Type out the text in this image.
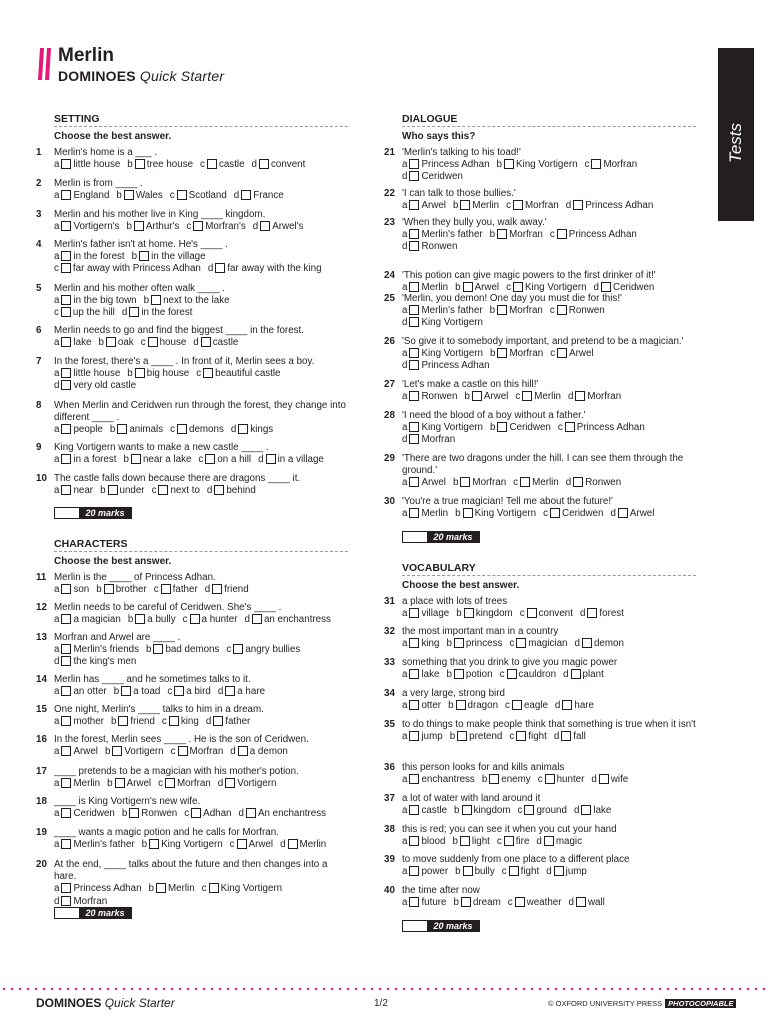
Merlin
DOMINOES Quick Starter
Tests
SETTING
Choose the best answer.
1	Merlin's home is a ___ .
a little house b tree house c castle d convent
2	Merlin is from ____ .
a England b Wales c Scotland d France
3	Merlin and his mother live in King ____ kingdom.
a Vortigern's b Arthur's c Morfran's d Arwel's
4	Merlin's father isn't at home. He's ____ .
a in the forest b in the village
c far away with Princess Adhan d far away with the king
5	Merlin and his mother often walk ____ .
a in the big town b next to the lake
c up the hill d in the forest
6	Merlin needs to go and find the biggest ____ in the forest.
a lake b oak c house d castle
7	In the forest, there's a ____ . In front of it, Merlin sees a boy.
a little house b big house c beautiful castle
d very old castle
8	When Merlin and Ceridwen run through the forest, they change into different ____ .
a people b animals c demons d kings
9	King Vortigern wants to make a new castle ____ .
a in a forest b near a lake c on a hill d in a village
10 The castle falls down because there are dragons ____ it.
a near b under c next to d behind
20 marks
CHARACTERS
Choose the best answer.
11 Merlin is the ____ of Princess Adhan.
a son b brother c father d friend
12 Merlin needs to be careful of Ceridwen. She's ____ .
a a magician b a bully c a hunter d an enchantress
13 Morfran and Arwel are ____ .
a Merlin's friends b bad demons c angry bullies
d the king's men
14 Merlin has ____ and he sometimes talks to it.
a an otter b a toad c a bird d a hare
15 One night, Merlin's ____ talks to him in a dream.
a mother b friend c king d father
16 In the forest, Merlin sees ____ . He is the son of Ceridwen.
a Arwel b Vortigern c Morfran d a demon
17 ____ pretends to be a magician with his mother's potion.
a Merlin b Arwel c Morfran d Vortigern
18 ____ is King Vortigern's new wife.
a Ceridwen b Ronwen c Adhan d An enchantress
19 ____ wants a magic potion and he calls for Morfran.
a Merlin's father b King Vortigern c Arwel d Merlin
20 At the end, ____ talks about the future and then changes into a hare.
a Princess Adhan b Merlin c King Vortigern
d Morfran
20 marks
DIALOGUE
Who says this?
21 'Merlin's talking to his toad!'
a Princess Adhan b King Vortigern c Morfran
d Ceridwen
22 'I can talk to those bullies.'
a Arwel b Merlin c Morfran d Princess Adhan
23 'When they bully you, walk away.'
a Merlin's father b Morfran c Princess Adhan
d Ronwen
24 'This potion can give magic powers to the first drinker of it!'
a Merlin b Arwel c King Vortigern d Ceridwen
25 'Merlin, you demon! One day you must die for this!'
a Merlin's father b Morfran c Ronwen
d King Vortigern
26 'So give it to somebody important, and pretend to be a magician.'
a King Vortigern b Morfran c Arwel
d Princess Adhan
27 'Let's make a castle on this hill!'
a Ronwen b Arwel c Merlin d Morfran
28 'I need the blood of a boy without a father.'
a King Vortigern b Ceridwen c Princess Adhan
d Morfran
29 'There are two dragons under the hill. I can see them through the ground.'
a Arwel b Morfran c Merlin d Ronwen
30 'You're a true magician! Tell me about the future!'
a Merlin b King Vortigern c Ceridwen d Arwel
20 marks
VOCABULARY
Choose the best answer.
31 a place with lots of trees
a village b kingdom c convent d forest
32 the most important man in a country
a king b princess c magician d demon
33 something that you drink to give you magic power
a lake b potion c cauldron d plant
34 a very large, strong bird
a otter b dragon c eagle d hare
35 to do things to make people think that something is true when it isn't
a jump b pretend c fight d fall
36 this person looks for and kills animals
a enchantress b enemy c hunter d wife
37 a lot of water with land around it
a castle b kingdom c ground d lake
38 this is red; you can see it when you cut your hand
a blood b light c fire d magic
39 to move suddenly from one place to a different place
a power b bully c fight d jump
40 the time after now
a future b dream c weather d wall
20 marks
DOMINOES Quick Starter	1/2	© OXFORD UNIVERSITY PRESS PHOTOCOPIABLE
